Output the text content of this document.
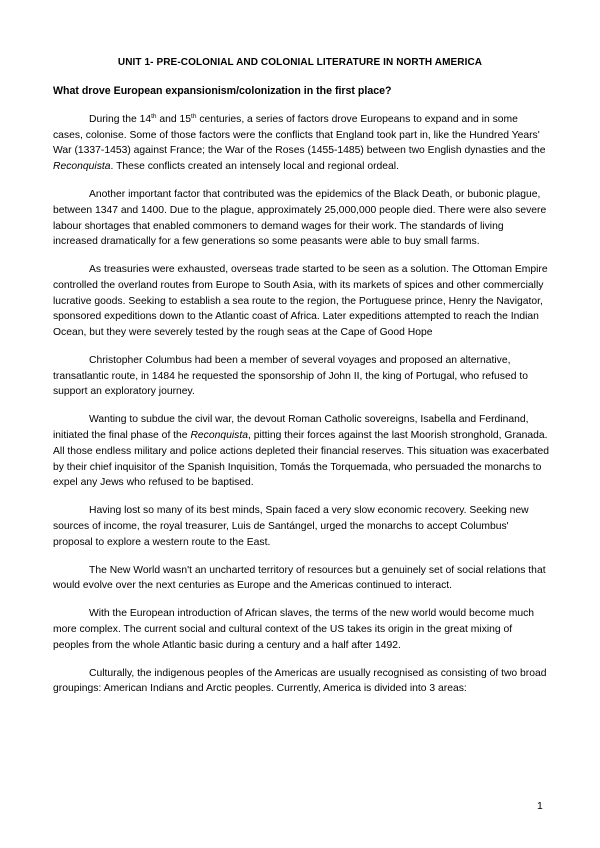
UNIT 1- PRE-COLONIAL AND COLONIAL LITERATURE IN NORTH AMERICA
What drove European expansionism/colonization in the first place?

During the 14th and 15th centuries, a series of factors drove Europeans to expand and in some cases, colonise. Some of those factors were the conflicts that England took part in, like the Hundred Years' War (1337-1453) against France; the War of the Roses (1455-1485) between two English dynasties and the Reconquista. These conflicts created an intensely local and regional ordeal.

Another important factor that contributed was the epidemics of the Black Death, or bubonic plague, between 1347 and 1400. Due to the plague, approximately 25,000,000 people died. There were also severe labour shortages that enabled commoners to demand wages for their work. The standards of living increased dramatically for a few generations so some peasants were able to buy small farms.

As treasuries were exhausted, overseas trade started to be seen as a solution. The Ottoman Empire controlled the overland routes from Europe to South Asia, with its markets of spices and other commercially lucrative goods. Seeking to establish a sea route to the region, the Portuguese prince, Henry the Navigator, sponsored expeditions down to the Atlantic coast of Africa. Later expeditions attempted to reach the Indian Ocean, but they were severely tested by the rough seas at the Cape of Good Hope

Christopher Columbus had been a member of several voyages and proposed an alternative, transatlantic route, in 1484 he requested the sponsorship of John II, the king of Portugal, who refused to support an exploratory journey.

Wanting to subdue the civil war, the devout Roman Catholic sovereigns, Isabella and Ferdinand, initiated the final phase of the Reconquista, pitting their forces against the last Moorish stronghold, Granada. All those endless military and police actions depleted their financial reserves. This situation was exacerbated by their chief inquisitor of the Spanish Inquisition, Tomás the Torquemada, who persuaded the monarchs to expel any Jews who refused to be baptised.

Having lost so many of its best minds, Spain faced a very slow economic recovery. Seeking new sources of income, the royal treasurer, Luis de Santángel, urged the monarchs to accept Columbus' proposal to explore a western route to the East.

The New World wasn't an uncharted territory of resources but a genuinely set of social relations that would evolve over the next centuries as Europe and the Americas continued to interact.

With the European introduction of African slaves, the terms of the new world would become much more complex. The current social and cultural context of the US takes its origin in the great mixing of peoples from the whole Atlantic basic during a century and a half after 1492.

Culturally, the indigenous peoples of the Americas are usually recognised as consisting of two broad groupings: American Indians and Arctic peoples. Currently, America is divided into 3 areas:

1
